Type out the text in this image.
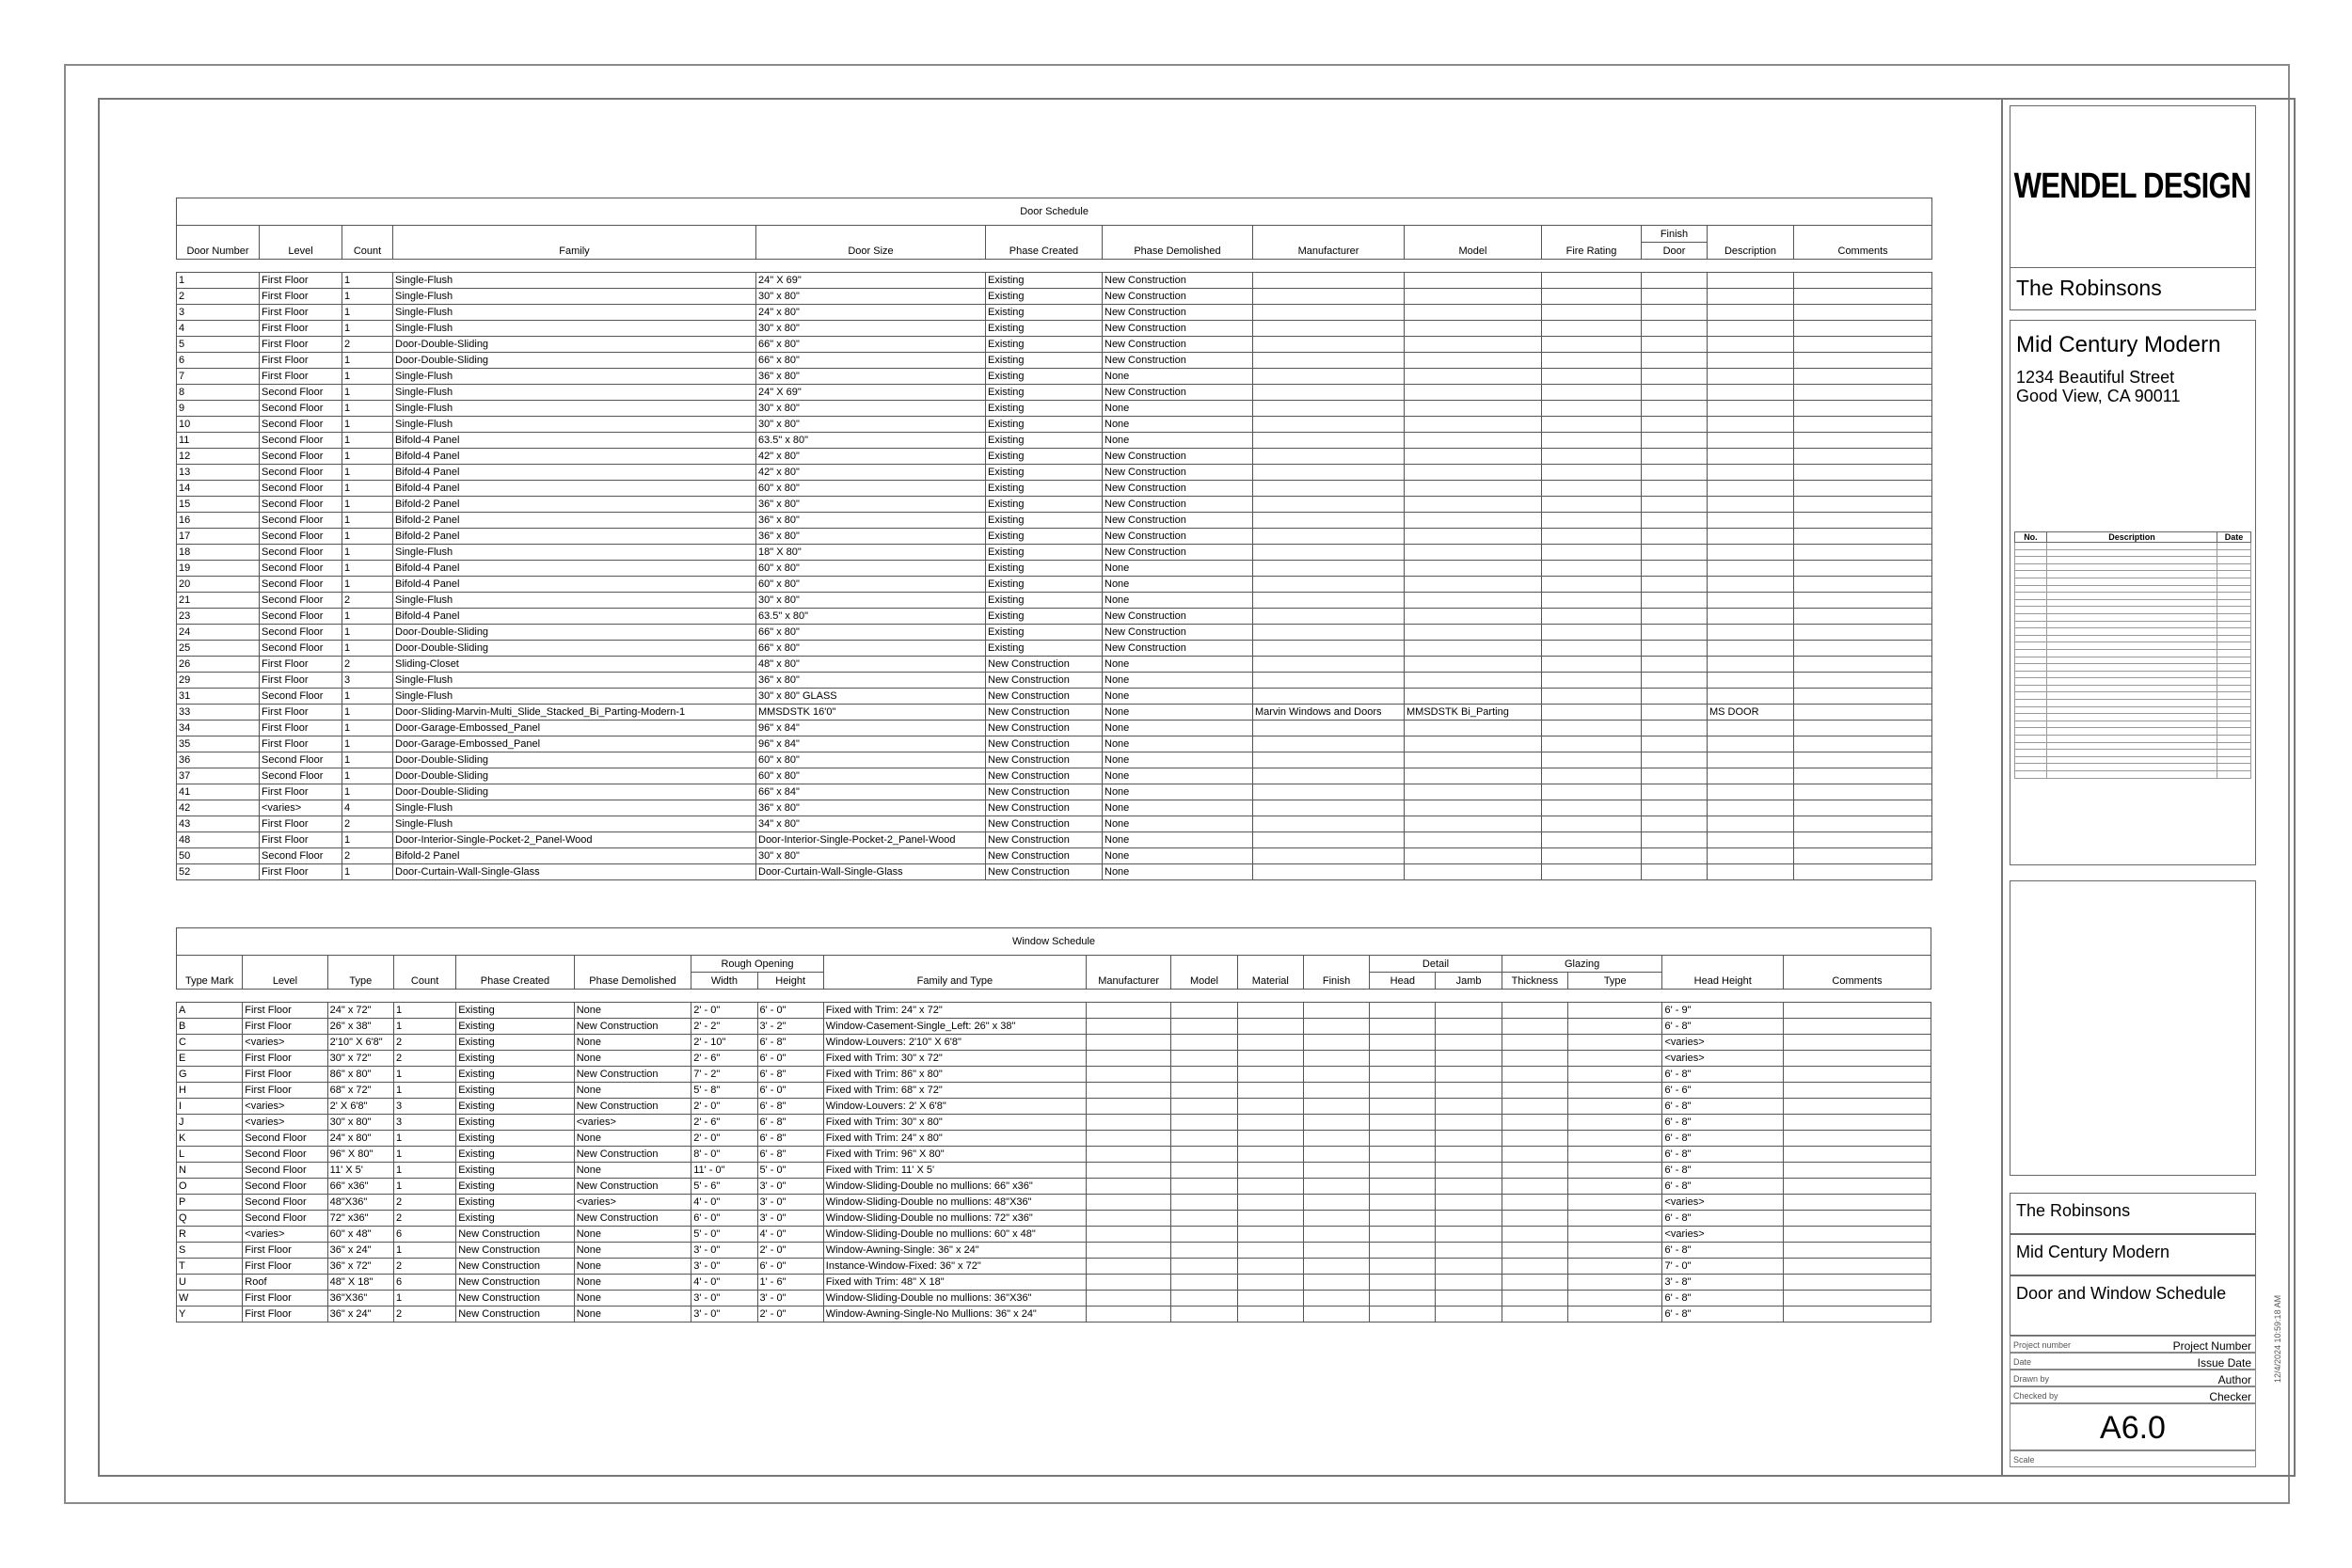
Door Schedule												
Door Number	Level	Count	Family	Door Size	Phase Created	Phase Demolished	Manufacturer	Model	Fire Rating	Finish	Description	Comments
										Door		

1	First Floor	1	Single-Flush	24" X 69"	Existing	New Construction						
2	First Floor	1	Single-Flush	30" x 80"	Existing	New Construction						
3	First Floor	1	Single-Flush	24" x 80"	Existing	New Construction						
4	First Floor	1	Single-Flush	30" x 80"	Existing	New Construction						
5	First Floor	2	Door-Double-Sliding	66" x 80"	Existing	New Construction						
6	First Floor	1	Door-Double-Sliding	66" x 80"	Existing	New Construction						
7	First Floor	1	Single-Flush	36" x 80"	Existing	None						
8	Second Floor	1	Single-Flush	24" X 69"	Existing	New Construction						
9	Second Floor	1	Single-Flush	30" x 80"	Existing	None						
10	Second Floor	1	Single-Flush	30" x 80"	Existing	None						
11	Second Floor	1	Bifold-4 Panel	63.5" x 80"	Existing	None						
12	Second Floor	1	Bifold-4 Panel	42" x 80"	Existing	New Construction						
13	Second Floor	1	Bifold-4 Panel	42" x 80"	Existing	New Construction						
14	Second Floor	1	Bifold-4 Panel	60" x 80"	Existing	New Construction						
15	Second Floor	1	Bifold-2 Panel	36" x 80"	Existing	New Construction						
16	Second Floor	1	Bifold-2 Panel	36" x 80"	Existing	New Construction						
17	Second Floor	1	Bifold-2 Panel	36" x 80"	Existing	New Construction						
18	Second Floor	1	Single-Flush	18" X 80"	Existing	New Construction						
19	Second Floor	1	Bifold-4 Panel	60" x 80"	Existing	None						
20	Second Floor	1	Bifold-4 Panel	60" x 80"	Existing	None						
21	Second Floor	2	Single-Flush	30" x 80"	Existing	None						
23	Second Floor	1	Bifold-4 Panel	63.5" x 80"	Existing	New Construction						
24	Second Floor	1	Door-Double-Sliding	66" x 80"	Existing	New Construction						
25	Second Floor	1	Door-Double-Sliding	66" x 80"	Existing	New Construction						
26	First Floor	2	Sliding-Closet	48" x 80"	New Construction	None						
29	First Floor	3	Single-Flush	36" x 80"	New Construction	None						
31	Second Floor	1	Single-Flush	30" x 80" GLASS	New Construction	None						
33	First Floor	1	Door-Sliding-Marvin-Multi_Slide_Stacked_Bi_Parting-Modern-1	MMSDSTK 16'0"	New Construction	None	Marvin Windows and Doors	MMSDSTK Bi_Parting			MS DOOR	
34	First Floor	1	Door-Garage-Embossed_Panel	96" x 84"	New Construction	None						
35	First Floor	1	Door-Garage-Embossed_Panel	96" x 84"	New Construction	None						
36	Second Floor	1	Door-Double-Sliding	60" x 80"	New Construction	None						
37	Second Floor	1	Door-Double-Sliding	60" x 80"	New Construction	None						
41	First Floor	1	Door-Double-Sliding	66" x 84"	New Construction	None						
42	<varies>	4	Single-Flush	36" x 80"	New Construction	None						
43	First Floor	2	Single-Flush	34" x 80"	New Construction	None						
48	First Floor	1	Door-Interior-Single-Pocket-2_Panel-Wood	Door-Interior-Single-Pocket-2_Panel-Wood	New Construction	None						
50	Second Floor	2	Bifold-2 Panel	30" x 80"	New Construction	None						
52	First Floor	1	Door-Curtain-Wall-Single-Glass	Door-Curtain-Wall-Single-Glass	New Construction	None						
Window Schedule																		
Type Mark	Level	Type	Count	Phase Created	Phase Demolished	Rough Opening		Family and Type	Manufacturer	Model	Material	Finish	Detail		Glazing		Head Height	Comments
						Width	Height						Head	Jamb	Thickness	Type		

A	First Floor	24" x 72"	1	Existing	None	2' - 0"	6' - 0"	Fixed with Trim: 24" x 72"									6' - 9"	
B	First Floor	26" x 38"	1	Existing	New Construction	2' - 2"	3' - 2"	Window-Casement-Single_Left: 26" x 38"									6' - 8"	
C	<varies>	2'10" X 6'8"	2	Existing	None	2' - 10"	6' - 8"	Window-Louvers: 2'10" X 6'8"									<varies>	
E	First Floor	30" x 72"	2	Existing	None	2' - 6"	6' - 0"	Fixed with Trim: 30" x 72"									<varies>	
G	First Floor	86" x 80"	1	Existing	New Construction	7' - 2"	6' - 8"	Fixed with Trim: 86" x 80"									6' - 8"	
H	First Floor	68" x 72"	1	Existing	None	5' - 8"	6' - 0"	Fixed with Trim: 68" x 72"									6' - 6"	
I	<varies>	2' X 6'8"	3	Existing	New Construction	2' - 0"	6' - 8"	Window-Louvers: 2' X 6'8"									6' - 8"	
J	<varies>	30" x 80"	3	Existing	<varies>	2' - 6"	6' - 8"	Fixed with Trim: 30" x 80"									6' - 8"	
K	Second Floor	24" x 80"	1	Existing	None	2' - 0"	6' - 8"	Fixed with Trim: 24" x 80"									6' - 8"	
L	Second Floor	96" X 80"	1	Existing	New Construction	8' - 0"	6' - 8"	Fixed with Trim: 96" X 80"									6' - 8"	
N	Second Floor	11' X 5'	1	Existing	None	11' - 0"	5' - 0"	Fixed with Trim: 11' X 5'									6' - 8"	
O	Second Floor	66" x36"	1	Existing	New Construction	5' - 6"	3' - 0"	Window-Sliding-Double no mullions: 66" x36"									6' - 8"	
P	Second Floor	48"X36"	2	Existing	<varies>	4' - 0"	3' - 0"	Window-Sliding-Double no mullions: 48"X36"									<varies>	
Q	Second Floor	72" x36"	2	Existing	New Construction	6' - 0"	3' - 0"	Window-Sliding-Double no mullions: 72" x36"									6' - 8"	
R	<varies>	60" x 48"	6	New Construction	None	5' - 0"	4' - 0"	Window-Sliding-Double no mullions: 60" x 48"									<varies>	
S	First Floor	36" x 24"	1	New Construction	None	3' - 0"	2' - 0"	Window-Awning-Single: 36" x 24"									6' - 8"	
T	First Floor	36" x 72"	2	New Construction	None	3' - 0"	6' - 0"	Instance-Window-Fixed: 36" x 72"									7' - 0"	
U	Roof	48" X 18"	6	New Construction	None	4' - 0"	1' - 6"	Fixed with Trim: 48" X 18"									3' - 8"	
W	First Floor	36"X36"	1	New Construction	None	3' - 0"	3' - 0"	Window-Sliding-Double no mullions: 36"X36"									6' - 8"	
Y	First Floor	36" x 24"	2	New Construction	None	3' - 0"	2' - 0"	Window-Awning-Single-No Mullions: 36" x 24"									6' - 8"	
WENDEL DESIGN
The Robinsons
Mid Century Modern
1234 Beautiful Street
Good View, CA 90011
No.	Description	Date

The Robinsons
Mid Century Modern
Door and Window Schedule
Project number	Project Number
Date	Issue Date
Drawn by	Author
Checked by	Checker
A6.0
Scale
12/4/2024 10:59:18 AM
